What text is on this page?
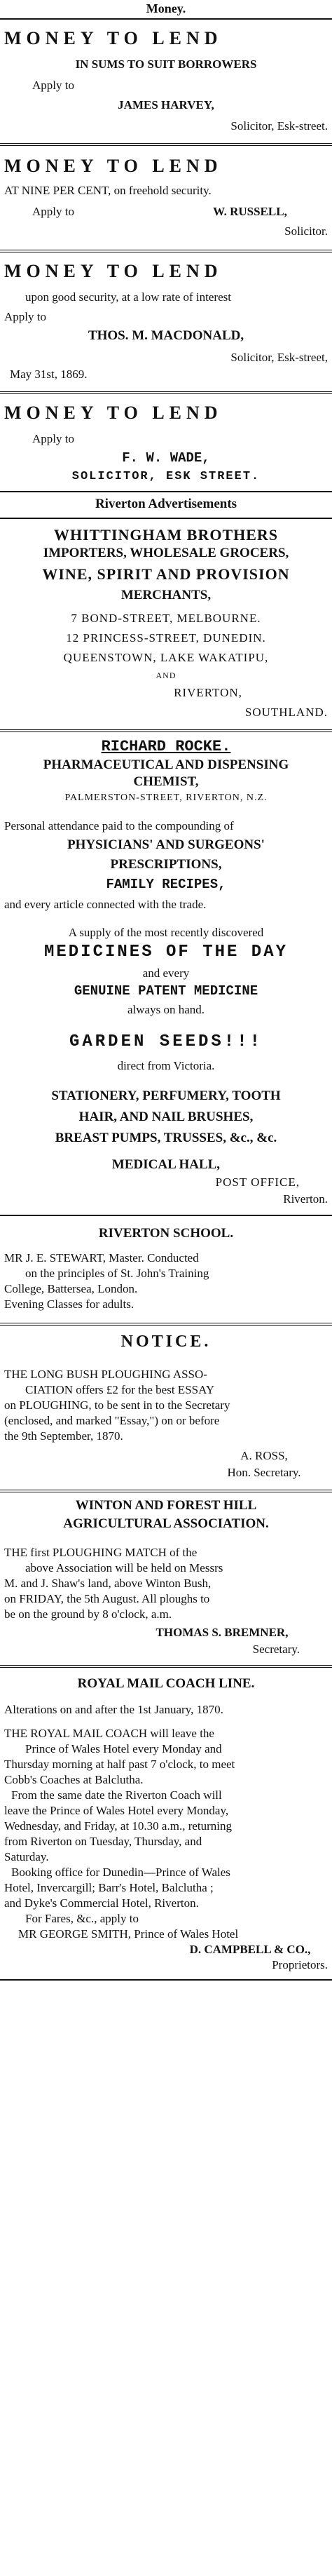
Money.
MONEY TO LEND
IN SUMS TO SUIT BORROWERS
Apply to
JAMES HARVEY,
Solicitor, Esk-street.
MONEY TO LEND
AT NINE PER CENT, on freehold security.
Apply to	W. RUSSELL,
Solicitor.
MONEY TO LEND
upon good security, at a low rate of interest
Apply to
THOS. M. MACDONALD,
Solicitor, Esk-street,
May 31st, 1869.
MONEY TO LEND
Apply to
F. W. WADE,
SOLICITOR, ESK STREET.
Riverton Advertisements
WHITTINGHAM BROTHERS
IMPORTERS, WHOLESALE GROCERS,
WINE, SPIRIT AND PROVISION
MERCHANTS,
7 BOND-STREET, MELBOURNE.
12 PRINCESS-STREET, DUNEDIN.
QUEENSTOWN, LAKE WAKATIPU,
AND
RIVERTON,
SOUTHLAND.
RICHARD ROCKE.
PHARMACEUTICAL AND DISPENSING
CHEMIST,
PALMERSTON-STREET, RIVERTON, N.Z.
Personal attendance paid to the compounding of
PHYSICIANS' AND SURGEONS'
PRESCRIPTIONS,
FAMILY RECIPES,
and every article connected with the trade.
A supply of the most recently discovered
MEDICINES OF THE DAY
and every
GENUINE PATENT MEDICINE
always on hand.
GARDEN SEEDS!!!
direct from Victoria.
STATIONERY, PERFUMERY, TOOTH
HAIR, AND NAIL BRUSHES,
BREAST PUMPS, TRUSSES, &c., &c.
MEDICAL HALL,
POST OFFICE,
Riverton.
RIVERTON SCHOOL.
MR J. E. STEWART, Master. Conducted
on the principles of St. John's Training
College, Battersea, London.
Evening Classes for adults.
NOTICE.
THE LONG BUSH PLOUGHING ASSO-
CIATION offers £2 for the best ESSAY
on PLOUGHING, to be sent in to the Secretary
(enclosed, and marked "Essay,") on or before
the 9th September, 1870.
A. ROSS,
Hon. Secretary.
WINTON AND FOREST HILL
AGRICULTURAL ASSOCIATION.
THE first PLOUGHING MATCH of the
above Association will be held on Messrs
M. and J. Shaw's land, above Winton Bush,
on FRIDAY, the 5th August. All ploughs to
be on the ground by 8 o'clock, a.m.
THOMAS S. BREMNER,
Secretary.
ROYAL MAIL COACH LINE.
Alterations on and after the 1st January, 1870.
THE ROYAL MAIL COACH will leave the
Prince of Wales Hotel every Monday and
Thursday morning at half past 7 o'clock, to meet
Cobb's Coaches at Balclutha.
From the same date the Riverton Coach will
leave the Prince of Wales Hotel every Monday,
Wednesday, and Friday, at 10.30 a.m., returning
from Riverton on Tuesday, Thursday, and
Saturday.
Booking office for Dunedin—Prince of Wales
Hotel, Invercargill; Barr's Hotel, Balclutha ;
and Dyke's Commercial Hotel, Riverton.
For Fares, &c., apply to
MR GEORGE SMITH, Prince of Wales Hotel
D. CAMPBELL & CO.,
Proprietors.
